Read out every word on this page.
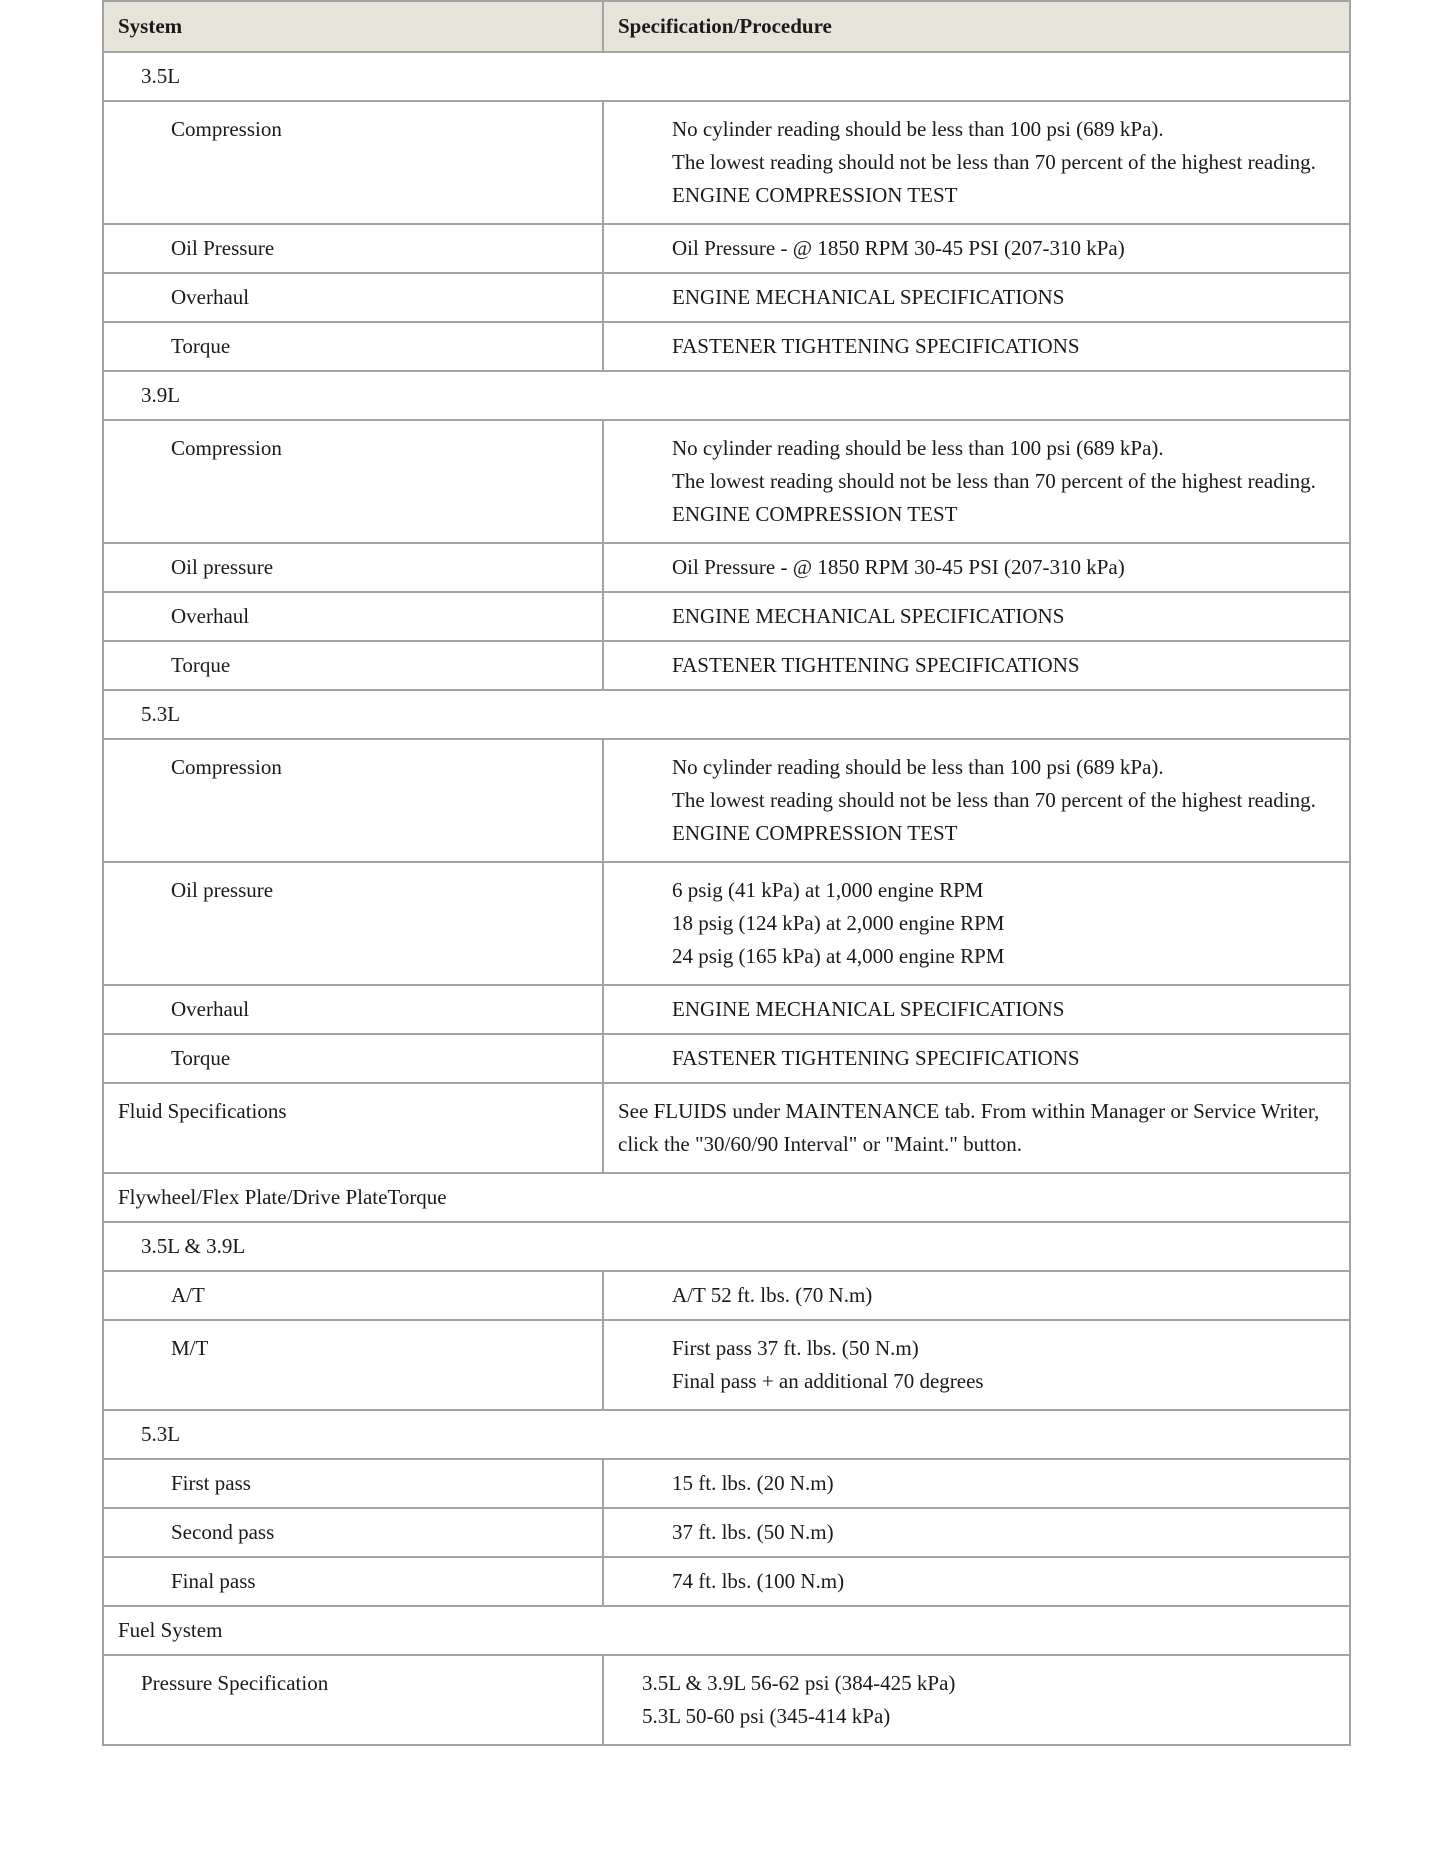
System	Specification/Procedure
3.5L	
Compression	No cylinder reading should be less than 100 psi (689 kPa).
The lowest reading should not be less than 70 percent of the highest reading.
ENGINE COMPRESSION TEST

Oil Pressure	Oil Pressure - @ 1850 RPM 30-45 PSI (207-310 kPa)

Overhaul	ENGINE MECHANICAL SPECIFICATIONS

Torque	FASTENER TIGHTENING SPECIFICATIONS

3.9L	
Compression	No cylinder reading should be less than 100 psi (689 kPa).
The lowest reading should not be less than 70 percent of the highest reading.
ENGINE COMPRESSION TEST

Oil pressure	Oil Pressure - @ 1850 RPM 30-45 PSI (207-310 kPa)

Overhaul	ENGINE MECHANICAL SPECIFICATIONS

Torque	FASTENER TIGHTENING SPECIFICATIONS

5.3L	
Compression	No cylinder reading should be less than 100 psi (689 kPa).
The lowest reading should not be less than 70 percent of the highest reading.
ENGINE COMPRESSION TEST

Oil pressure	6 psig (41 kPa) at 1,000 engine RPM
18 psig (124 kPa) at 2,000 engine RPM
24 psig (165 kPa) at 4,000 engine RPM

Overhaul	ENGINE MECHANICAL SPECIFICATIONS

Torque	FASTENER TIGHTENING SPECIFICATIONS

Fluid Specifications	See FLUIDS under MAINTENANCE tab. From within Manager or Service Writer, click the "30/60/90 Interval" or "Maint." button.

Flywheel/Flex Plate/Drive PlateTorque	
3.5L & 3.9L	
A/T	A/T 52 ft. lbs. (70 N.m)

M/T	First pass 37 ft. lbs. (50 N.m)
Final pass + an additional 70 degrees

5.3L	
First pass	15 ft. lbs. (20 N.m)

Second pass	37 ft. lbs. (50 N.m)

Final pass	74 ft. lbs. (100 N.m)

Fuel System	
Pressure Specification	3.5L & 3.9L 56-62 psi (384-425 kPa)
5.3L 50-60 psi (345-414 kPa)
